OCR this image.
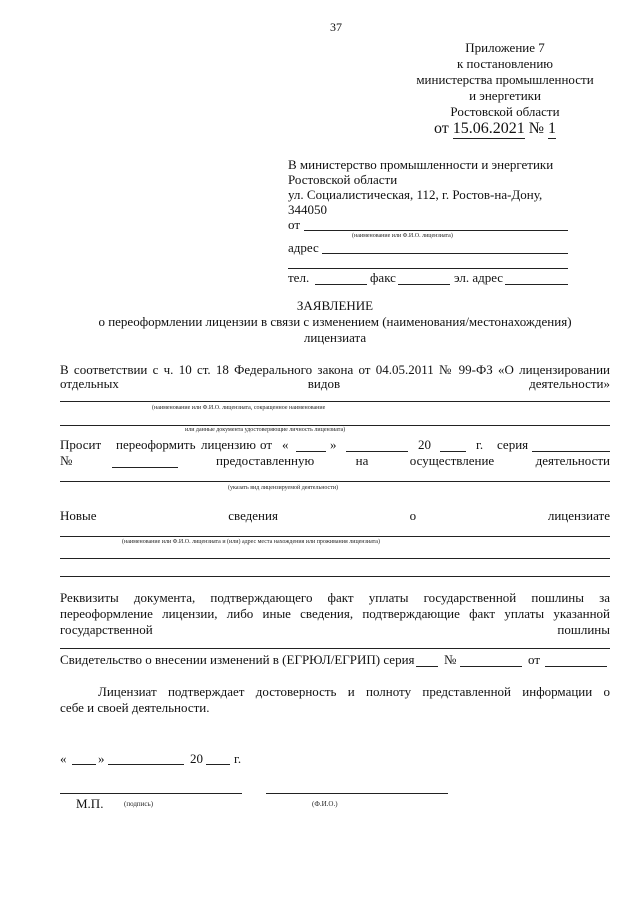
37
Приложение 7
к постановлению
министерства промышленности
и энергетики
Ростовской области
от 15.06.2021 № 1
В министерство промышленности и энергетики
Ростовской области
ул. Социалистическая, 112, г. Ростов-на-Дону,
344050
от
(наименование или Ф.И.О. лицензиата)
адрес
тел.	факс	эл. адрес
ЗАЯВЛЕНИЕ
о переоформлении лицензии в связи с изменением (наименования/местонахождения)
лицензиата
В соответствии с ч. 10 ст. 18 Федерального закона от 04.05.2011 № 99-ФЗ «О лицензировании
отдельных	видов	деятельности»
(наименование или Ф.И.О. лицензиата, сокращенное наименование
или данные документа удостоверяющие личность лицензиата)
Просит переоформить лицензию от «	»	20	г. серия
№	предоставленную	на	осуществление	деятельности
(указать вид лицензируемой деятельности)
Новые	сведения	о	лицензиате
(наименование или Ф.И.О. лицензиата и (или) адрес места нахождения или проживания лицензиата)
Реквизиты документа, подтверждающего факт уплаты государственной пошлины за
переоформление лицензии, либо иные сведения, подтверждающие факт уплаты указанной
государственной	пошлины
Свидетельство о внесении изменений в (ЕГРЮЛ/ЕГРИП) серия №	от
Лицензиат подтверждает достоверность и полноту представленной информации о
себе и своей деятельности.
« »	20 г.
М.П.	(подпись)	(Ф.И.О.)
